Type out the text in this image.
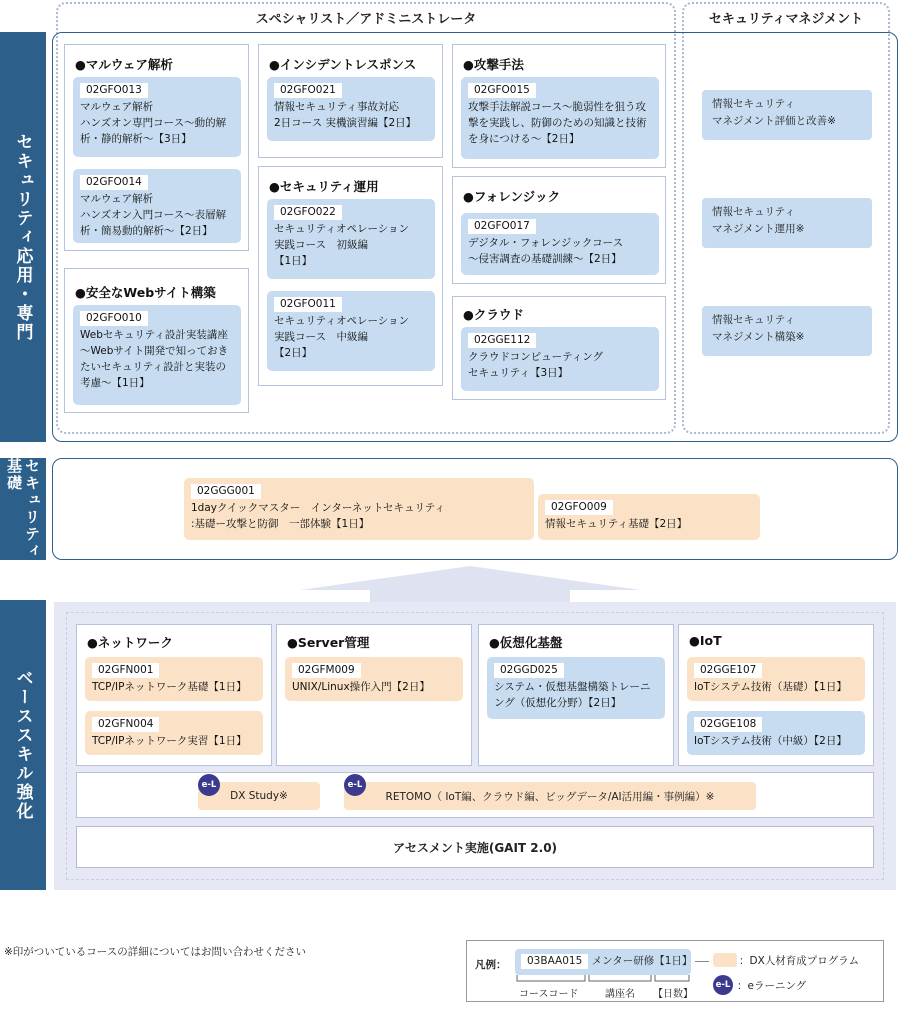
スペシャリスト／アドミニストレータ	セキュリティマネジメント
セキュリティ応用・専門
●マルウェア解析
02GFO013
マルウェア解析
ハンズオン専門コース～動的解析・静的解析～【3日】
02GFO014
マルウェア解析
ハンズオン入門コース～表層解析・簡易動的解析～【2日】
●安全なWebサイト構築
02GFO010
Webセキュリティ設計実装講座～Webサイト開発で知っておきたいセキュリティ設計と実装の考慮～【1日】
●インシデントレスポンス
02GFO021
情報セキュリティ事故対応
2日コース 実機演習編【2日】
●セキュリティ運用
02GFO022
セキュリティオペレーション
実践コース　初級編
【1日】
02GFO011
セキュリティオペレーション
実践コース　中級編
【2日】
●攻撃手法
02GFO015
攻撃手法解説コース～脆弱性を狙う攻撃を実践し、防御のための知識と技術を身につける～【2日】
●フォレンジック
02GFO017
デジタル・フォレンジックコース
～侵害調査の基礎訓練～【2日】
●クラウド
02GGE112
クラウドコンピューティング
セキュリティ【3日】
情報セキュリティ
マネジメント評価と改善※
情報セキュリティ
マネジメント運用※
情報セキュリティ
マネジメント構築※
セキュリティ基礎	02GGG001
1dayクイックマスター　インターネットセキュリティ
:基礎ー攻撃と防御　一部体験【1日】
02GFO009
情報セキュリティ基礎【2日】
ベーススキル強化
●ネットワーク
02GFN001
TCP/IPネットワーク基礎【1日】
02GFN004
TCP/IPネットワーク実習【1日】
●Server管理
02GFM009
UNIX/Linux操作入門【2日】
●仮想化基盤
02GGD025
システム・仮想基盤構築トレーニング（仮想化分野）【2日】
●IoT
02GGE107
IoTシステム技術（基礎）【1日】
02GGE108
IoTシステム技術（中級）【2日】
DX Study※
e-L
RETOMO（ IoT編、クラウド編、ビッグデータ/AI活用編・事例編）※
e-L
アセスメント実施(GAIT 2.0)
※印がついているコースの詳細についてはお問い合わせください
凡例：	03BAA015 メンター研修【1日】
コースコード	講座名 【日数】
：DX人材育成プログラム
e-L ：eラーニング
